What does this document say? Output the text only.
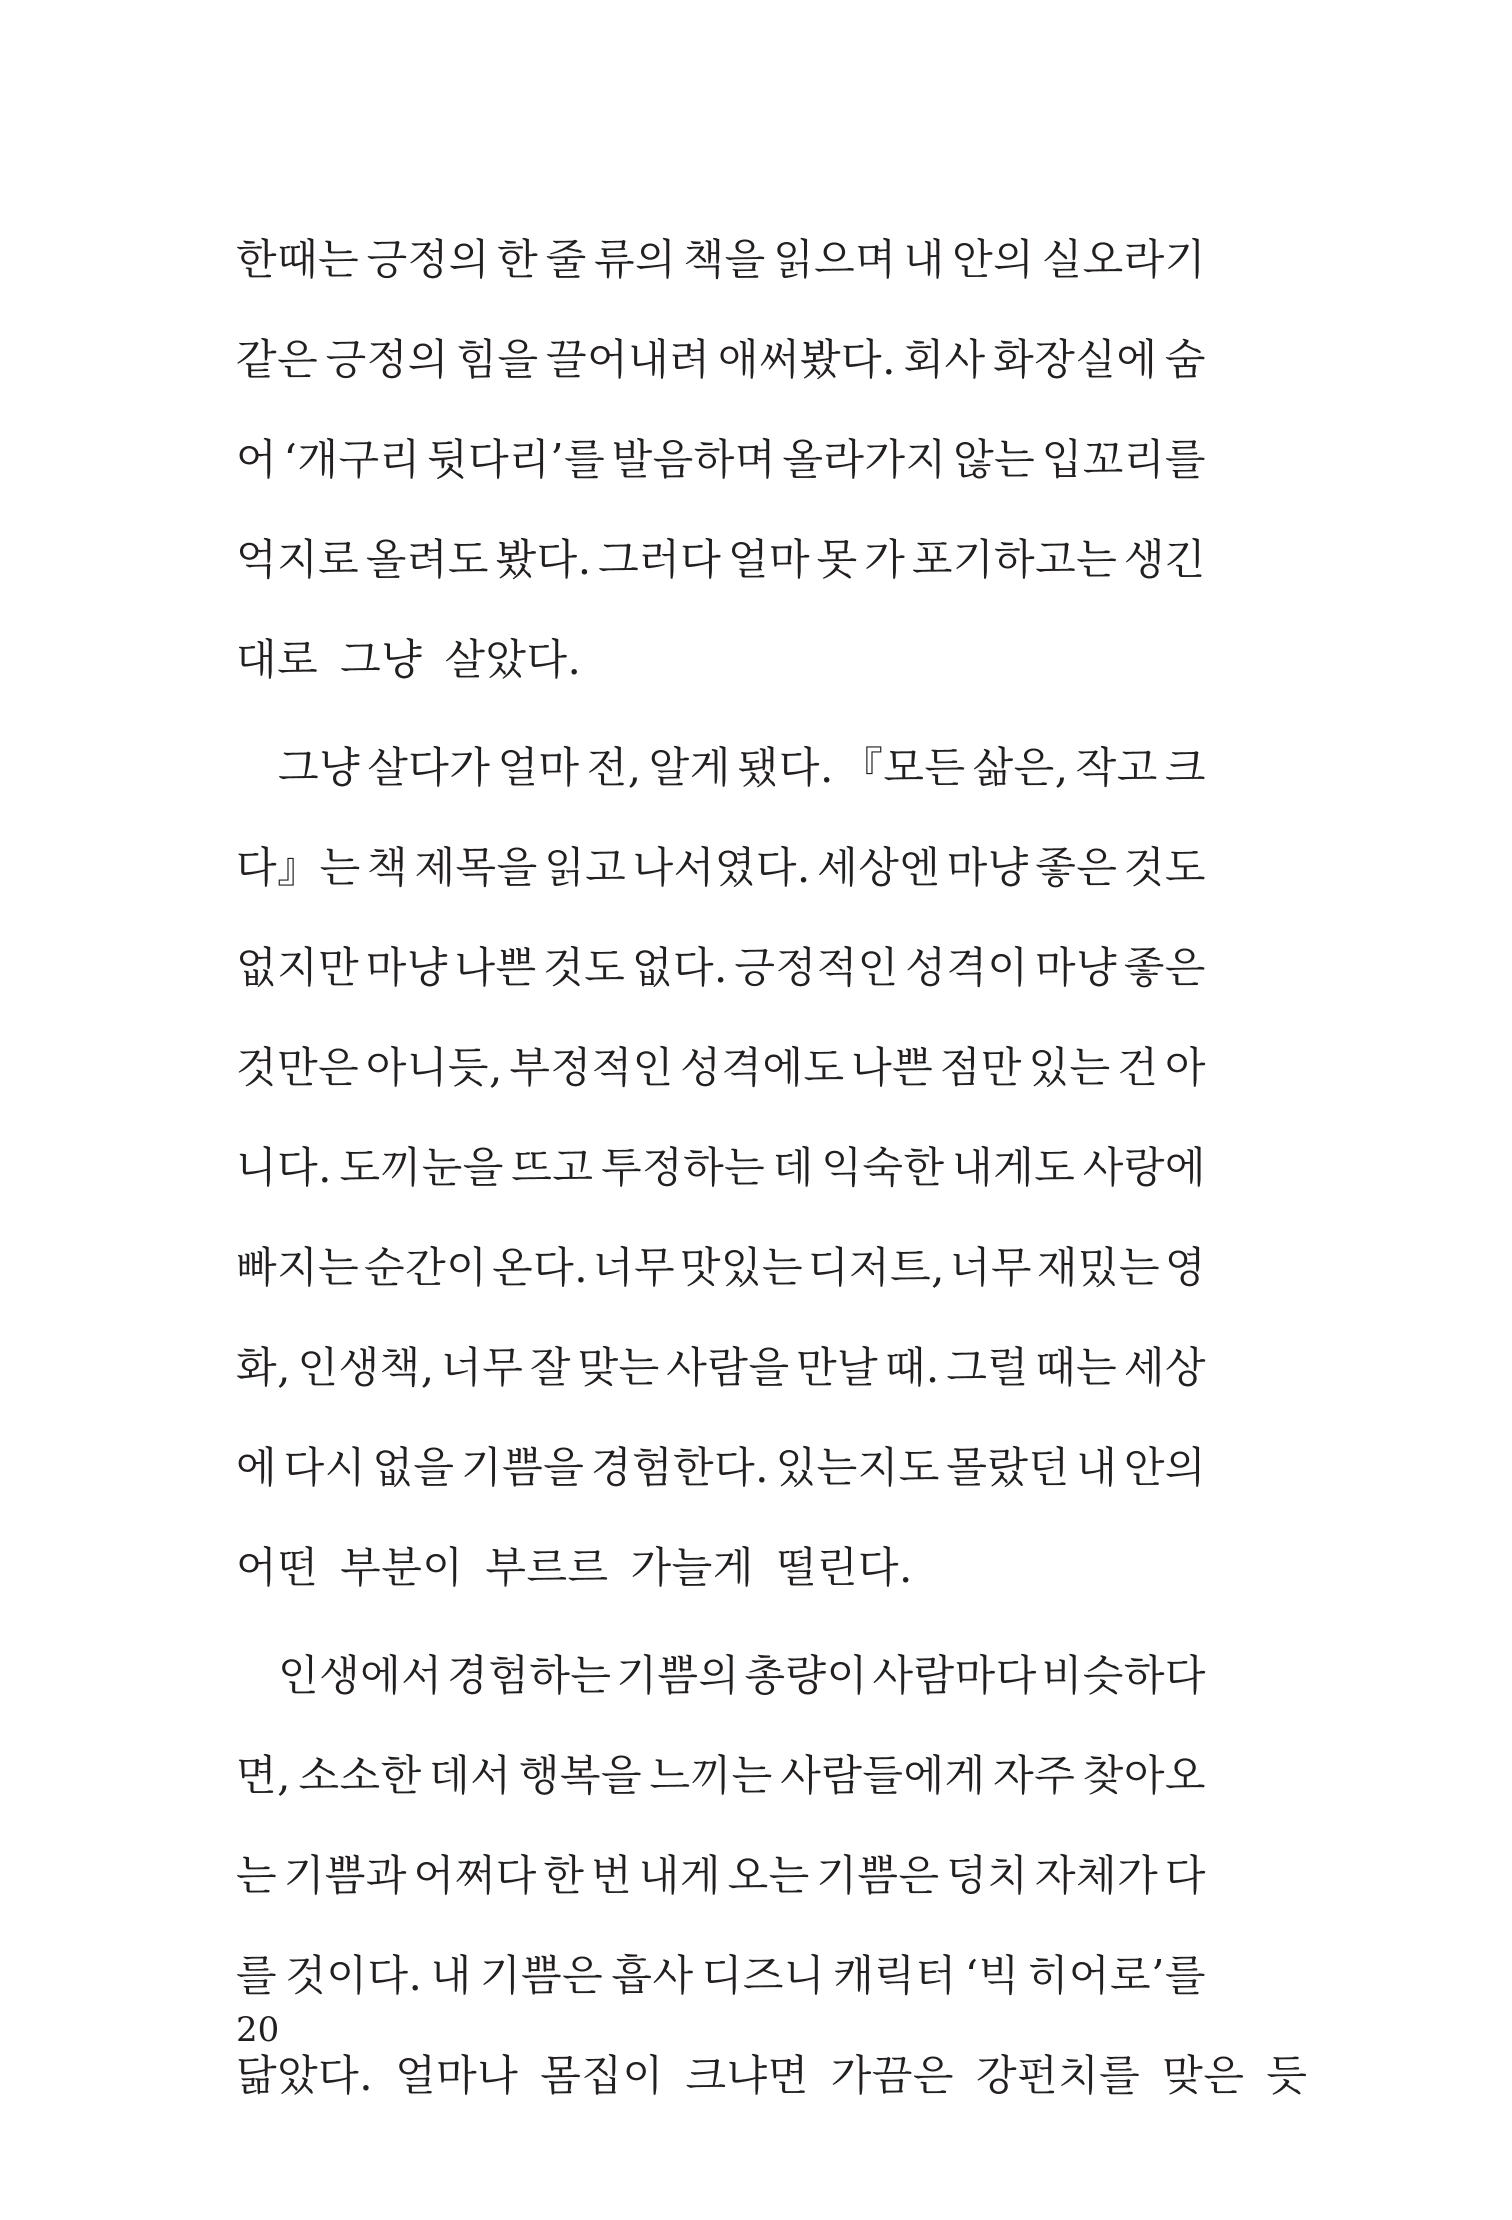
한때는 긍정의 한 줄 류의 책을 읽으며 내 안의 실오라기
같은 긍정의 힘을 끌어내려 애써봤다. 회사 화장실에 숨
어 ‘개구리 뒷다리’를 발음하며 올라가지 않는 입꼬리를
억지로 올려도 봤다. 그러다 얼마 못 가 포기하고는 생긴
대로 그냥 살았다.
그냥 살다가 얼마 전, 알게 됐다. 『모든 삶은, 작고 크
다』는 책 제목을 읽고 나서였다. 세상엔 마냥 좋은 것도
없지만 마냥 나쁜 것도 없다. 긍정적인 성격이 마냥 좋은
것만은 아니듯, 부정적인 성격에도 나쁜 점만 있는 건 아
니다. 도끼눈을 뜨고 투정하는 데 익숙한 내게도 사랑에
빠지는 순간이 온다. 너무 맛있는 디저트, 너무 재밌는 영
화, 인생책, 너무 잘 맞는 사람을 만날 때. 그럴 때는 세상
에 다시 없을 기쁨을 경험한다. 있는지도 몰랐던 내 안의
어떤 부분이 부르르 가늘게 떨린다.
인생에서 경험하는 기쁨의 총량이 사람마다 비슷하다
면, 소소한 데서 행복을 느끼는 사람들에게 자주 찾아오
는 기쁨과 어쩌다 한 번 내게 오는 기쁨은 덩치 자체가 다
를 것이다. 내 기쁨은 흡사 디즈니 캐릭터 ‘빅 히어로’를
닮았다. 얼마나 몸집이 크냐면 가끔은 강펀치를 맞은 듯
20
